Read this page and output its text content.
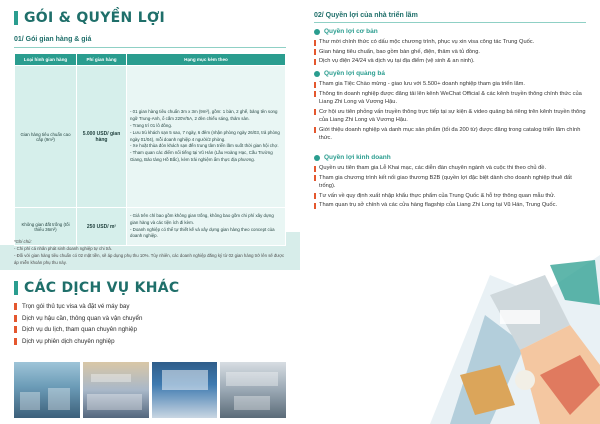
GÓI & QUYỀN LỢI
01/ Gói gian hàng & giá
Loại hình gian hàng	Phí gian hàng	Hạng mục kèm theo
Gian hàng tiêu chuẩn cao cấp (9m²)	5.000 USD/ gian hàng	- 01 gian hàng tiêu chuẩn 3m x 3m (9m²), gồm: 1 bàn, 2 ghế, bảng tên song ngữ Trung-Anh, ổ cắm 220V/5A, 2 đèn chiếu sáng, thảm sàn.
- Trang trí 01 lô đông.
- Lưu trú khách sạn 5 sao, 7 ngày, 6 đêm (nhận phòng ngày 26/03, trả phòng ngày 01/04), mỗi doanh nghiệp 4 người/2 phòng.
- Xe hoặt thùa đón khách sạn đến trung tâm triển lãm suốt thời gian hội chợ.
- Tham quan các điểm nổi tiếng tại Vũ Hán (Lầu Hoàng Hạc, Cầu Trường Giang, Bảo tàng Hồ Bắc), kèm trải nghiệm ẩm thực địa phương.

Không gian đất trống (tối thiểu 36m²)	250 USD/ m²	- Giá trên chỉ bao gồm không gian trống, không bao gồm chi phí xây dựng gian hàng và các tiện ích đi kèm.
- Doanh nghiệp có thể tự thiết kế và xây dựng gian hàng theo concept của doanh nghiệp.
*Ghi chú:
- Chi phí cá nhân phát sinh doanh nghiệp tự chi trả.
- Đối với gian hàng tiêu chuẩn có 02 mặt tiền, sẽ áp dụng phụ thu 10%. Tùy nhiên, các doanh nghiệp đăng ký từ 02 gian hàng trở lên sẽ được áp miễn khoản phụ thu này.
CÁC DỊCH VỤ KHÁC
Trọn gói thủ tục visa và đặt vé máy bay
Dịch vụ hậu cần, thông quan và vận chuyển
Dịch vụ du lịch, tham quan chuyên nghiệp
Dịch vụ phiên dịch chuyên nghiệp
02/ Quyền lợi của nhà triển lãm
Quyền lợi cơ bản
Thư mời chính thức có dấu mộc chương trình, phục vụ xin visa công tác Trung Quốc.
Gian hàng tiêu chuẩn, bao gồm bàn ghế, điện, thảm và tủ đồng.
Dịch vụ điện 24/24 và dịch vụ tại địa điểm (vệ sinh & an ninh).
Quyền lợi quảng bá
Tham gia Tiệc Chào mừng - giao lưu với 5.500+ doanh nghiệp tham gia triển lãm.
Thông tin doanh nghiệp được đăng tải lên kênh WeChat Official & các kênh truyền thông chính thức của Liang Zhi Long và Vương Hậu.
Cơ hội ưu tiên phỏng vấn truyền thông trực tiếp tại sự kiện & video quảng bá riêng trên kênh truyền thông của Liang Zhi Long và Vương Hậu.
Giới thiệu doanh nghiệp và danh mục sản phẩm (tối đa 200 từ) được đăng trong catalog triển lãm chính thức.
Quyền lợi kinh doanh
Quyền ưu tiên tham gia Lễ Khai mạc, các diễn đàn chuyên ngành và cuộc thi theo chủ đề.
Tham gia chương trình kết nối giao thương B2B (quyền lợi đặc biệt dành cho doanh nghiệp thuê đất trống).
Tư vấn về quy định xuất nhập khẩu thực phẩm của Trung Quốc & hỗ trợ thông quan mẫu thử.
Tham quan trụ sở chính và các cửa hàng flagship của Liang Zhi Long tại Vũ Hán, Trung Quốc.
